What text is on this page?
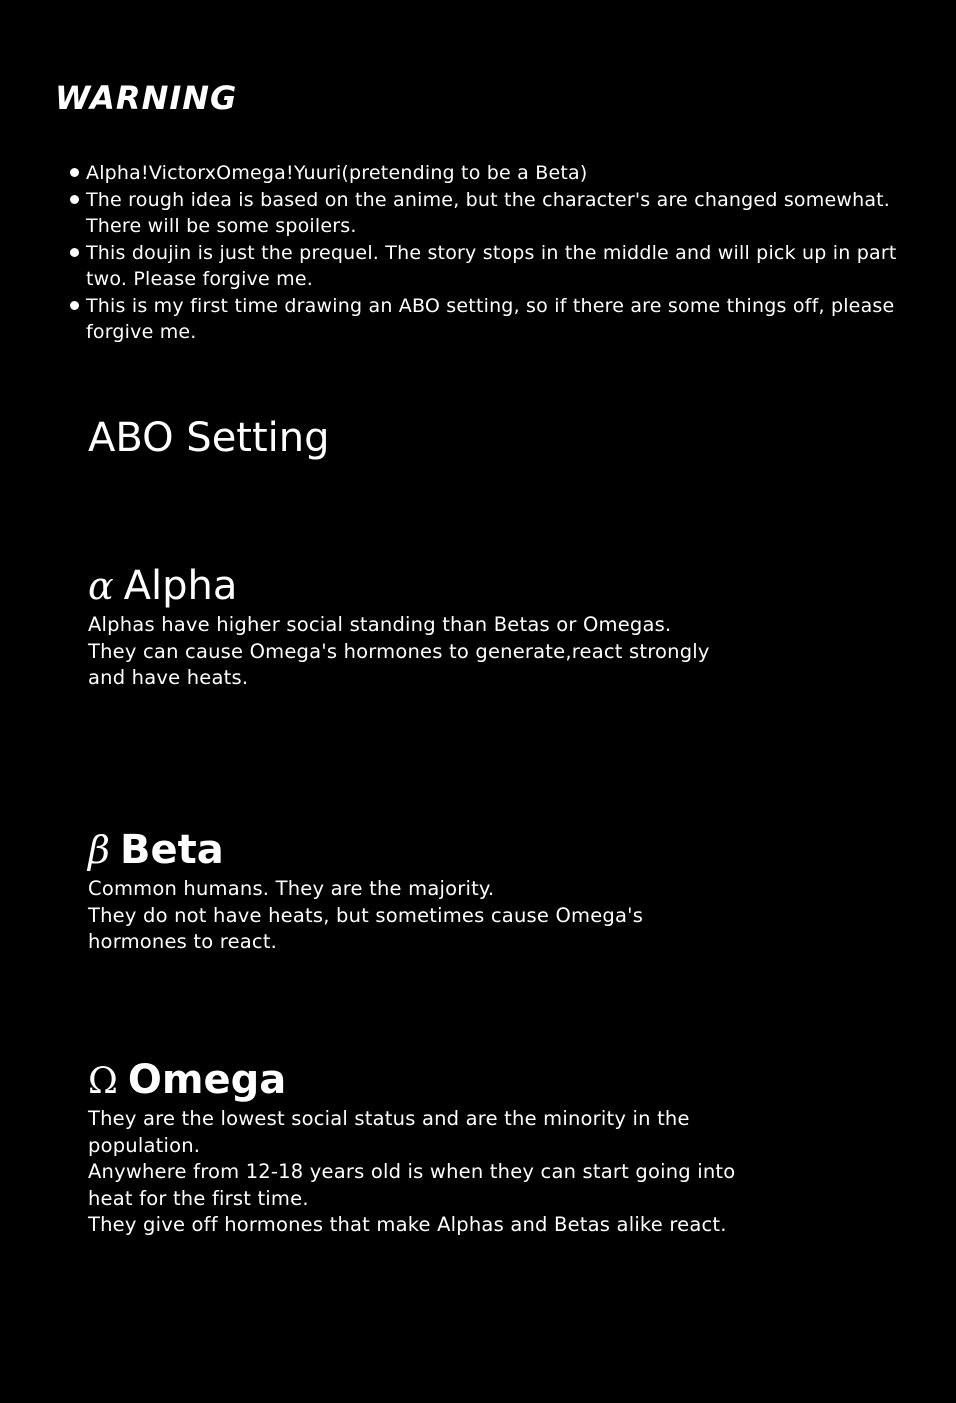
WARNING
Alpha!VictorxOmega!Yuuri(pretending to be a Beta)
The rough idea is based on the anime, but the character's are changed somewhat. There will be some spoilers.
This doujin is just the prequel. The story stops in the middle and will pick up in part two. Please forgive me.
This is my first time drawing an ABO setting, so if there are some things off, please forgive me.
ABO Setting
α Alpha

Alphas have higher social standing than Betas or Omegas.
They can cause Omega's hormones to generate,react strongly
and have heats.

β Beta

Common humans. They are the majority.
They do not have heats, but sometimes cause Omega's
hormones to react.

Ω Omega

They are the lowest social status and are the minority in the
population.
Anywhere from 12-18 years old is when they can start going into
heat for the first time.
They give off hormones that make Alphas and Betas alike react.
